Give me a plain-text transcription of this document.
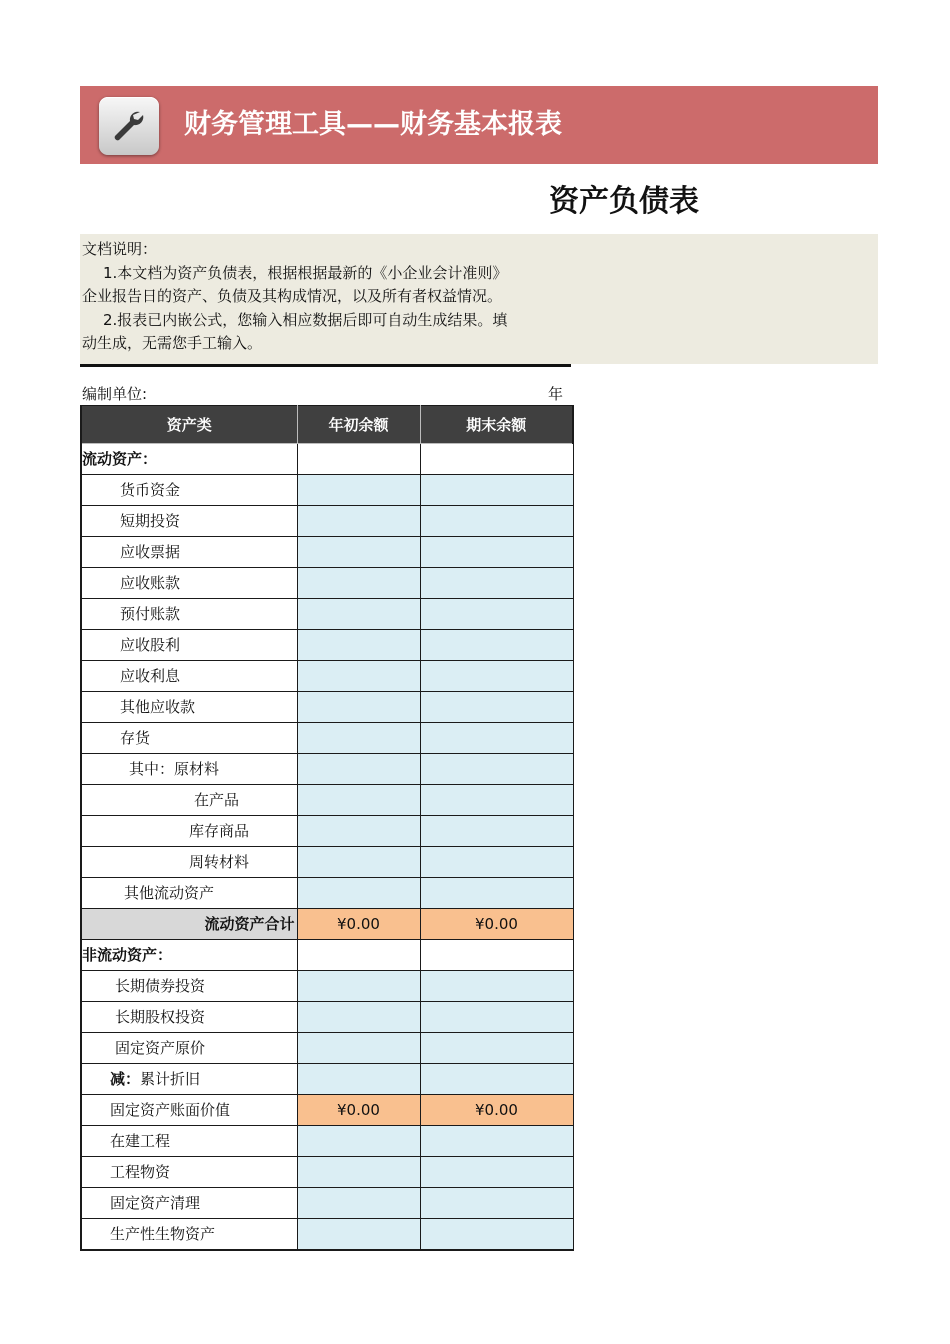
财务管理工具——财务基本报表
资产负债表
文档说明：
1.本文档为资产负债表，根据根据最新的《小企业会计准则》
企业报告日的资产、负债及其构成情况，以及所有者权益情况。
2.报表已内嵌公式，您输入相应数据后即可自动生成结果。填
动生成，无需您手工输入。
编制单位:	年
资产类	年初余额	期末余额
流动资产：		
货币资金		
短期投资		
应收票据		
应收账款		
预付账款		
应收股利		
应收利息		
其他应收款		
存货		
其中：原材料		
在产品		
库存商品		
周转材料		
其他流动资产		
流动资产合计	¥0.00	¥0.00
非流动资产：		
长期债券投资		
长期股权投资		
固定资产原价		
减：累计折旧		
固定资产账面价值	¥0.00	¥0.00
在建工程		
工程物资		
固定资产清理		
生产性生物资产		
